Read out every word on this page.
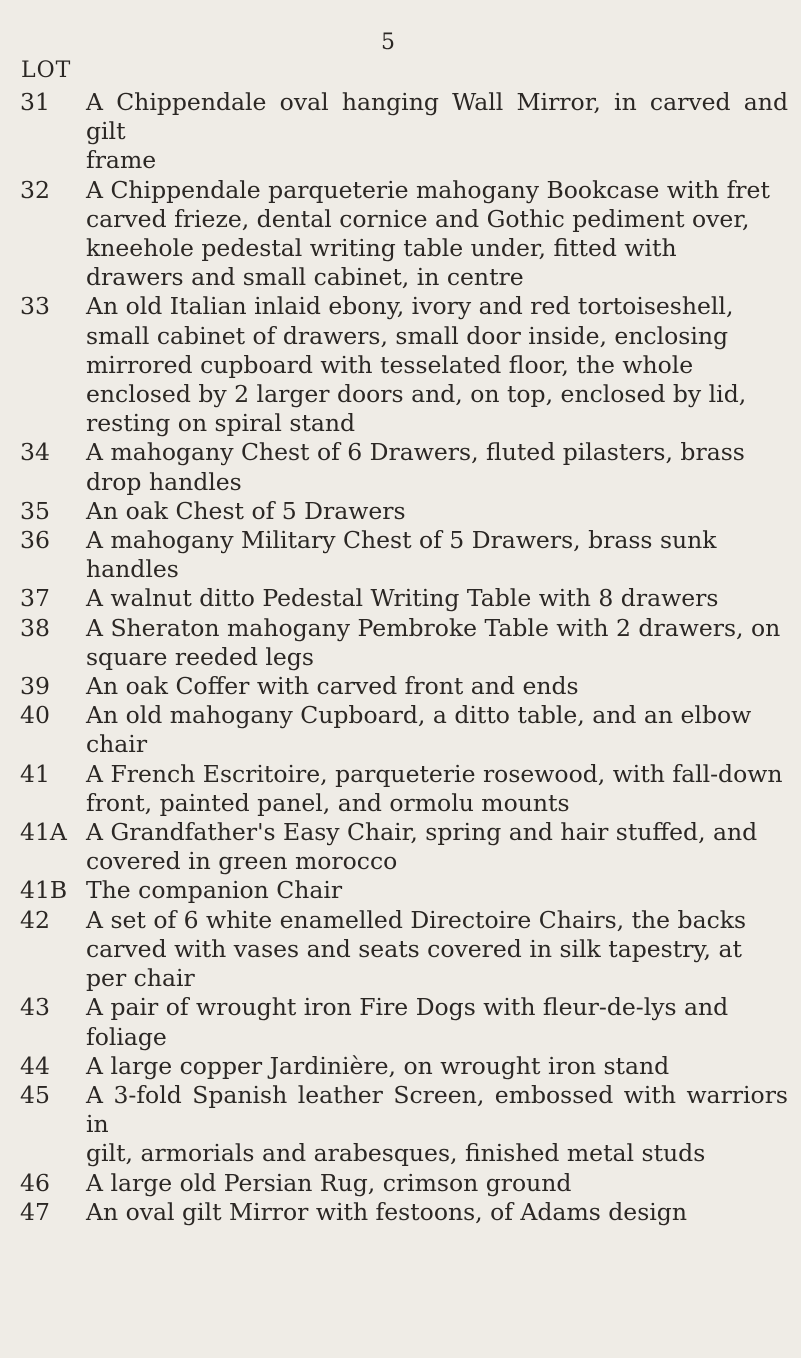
5
LOT
31	A Chippendale oval hanging Wall Mirror, in carved and gilt
frame
32	A Chippendale parqueterie mahogany Bookcase with fret
carved frieze, dental cornice and Gothic pediment over,
kneehole pedestal writing table under, fitted with
drawers and small cabinet, in centre
33	An old Italian inlaid ebony, ivory and red tortoiseshell,
small cabinet of drawers, small door inside, enclosing
mirrored cupboard with tesselated floor, the whole
enclosed by 2 larger doors and, on top, enclosed by lid,
resting on spiral stand
34	A mahogany Chest of 6 Drawers, fluted pilasters, brass
drop handles
35	An oak Chest of 5 Drawers
36	A mahogany Military Chest of 5 Drawers, brass sunk
handles
37	A walnut ditto Pedestal Writing Table with 8 drawers
38	A Sheraton mahogany Pembroke Table with 2 drawers, on
square reeded legs
39	An oak Coffer with carved front and ends
40	An old mahogany Cupboard, a ditto table, and an elbow
chair
41	A French Escritoire, parqueterie rosewood, with fall-down
front, painted panel, and ormolu mounts
41A A Grandfather's Easy Chair, spring and hair stuffed, and
covered in green morocco
41B The companion Chair
42	A set of 6 white enamelled Directoire Chairs, the backs
carved with vases and seats covered in silk tapestry, at
per chair
43	A pair of wrought iron Fire Dogs with fleur-de-lys and
foliage
44	A large copper Jardinière, on wrought iron stand
45	A 3-fold Spanish leather Screen, embossed with warriors in
gilt, armorials and arabesques, finished metal studs
46	A large old Persian Rug, crimson ground
47	An oval gilt Mirror with festoons, of Adams design
